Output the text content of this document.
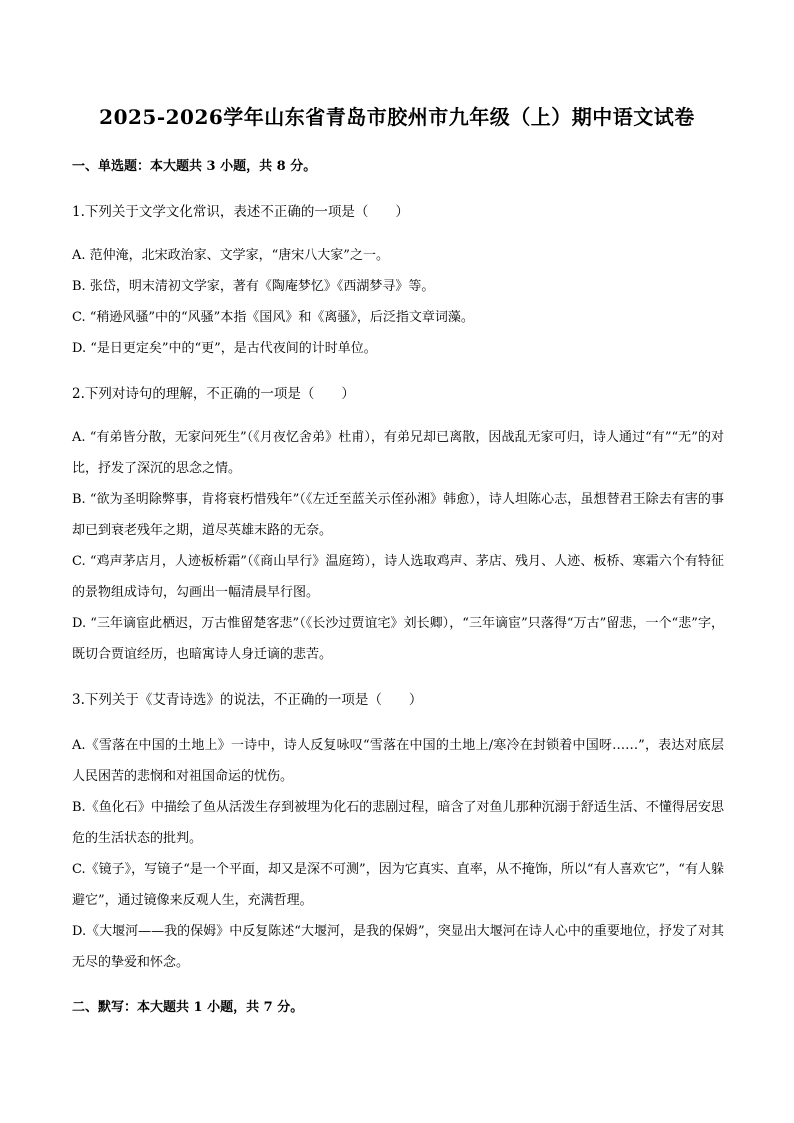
2025-2026学年山东省青岛市胶州市九年级（上）期中语文试卷
一、单选题：本大题共 3 小题，共 8 分。
1.下列关于文学文化常识，表述不正确的一项是（　　）
A. 范仲淹，北宋政治家、文学家，“唐宋八大家”之一。
B. 张岱，明末清初文学家，著有《陶庵梦忆》《西湖梦寻》等。
C. “稍逊风骚”中的“风骚”本指《国风》和《离骚》，后泛指文章词藻。
D. “是日更定矣”中的“更”，是古代夜间的计时单位。
2.下列对诗句的理解，不正确的一项是（　　）
A. “有弟皆分散，无家问死生”（《月夜忆舍弟》杜甫），有弟兄却已离散，因战乱无家可归，诗人通过“有”“无”的对比，抒发了深沉的思念之情。
B. “欲为圣明除弊事，肯将衰朽惜残年”（《左迁至蓝关示侄孙湘》韩愈），诗人坦陈心志，虽想替君王除去有害的事却已到衰老残年之期，道尽英雄末路的无奈。
C. “鸡声茅店月，人迹板桥霜”（《商山早行》温庭筠），诗人选取鸡声、茅店、残月、人迹、板桥、寒霜六个有特征的景物组成诗句，勾画出一幅清晨早行图。
D. “三年谪宦此栖迟，万古惟留楚客悲”（《长沙过贾谊宅》刘长卿），“三年谪宦”只落得“万古”留悲，一个“悲”字，既切合贾谊经历，也暗寓诗人身迁谪的悲苦。
3.下列关于《艾青诗选》的说法，不正确的一项是（　　）
A.《雪落在中国的土地上》一诗中，诗人反复咏叹“雪落在中国的土地上/寒冷在封锁着中国呀……”，表达对底层人民困苦的悲悯和对祖国命运的忧伤。
B.《鱼化石》中描绘了鱼从活泼生存到被埋为化石的悲剧过程，暗含了对鱼儿那种沉溺于舒适生活、不懂得居安思危的生活状态的批判。
C.《镜子》，写镜子“是一个平面，却又是深不可测”，因为它真实、直率，从不掩饰，所以“有人喜欢它”，“有人躲避它”，通过镜像来反观人生，充满哲理。
D.《大堰河——我的保姆》中反复陈述“大堰河，是我的保姆”，突显出大堰河在诗人心中的重要地位，抒发了对其无尽的挚爱和怀念。
二、默写：本大题共 1 小题，共 7 分。
